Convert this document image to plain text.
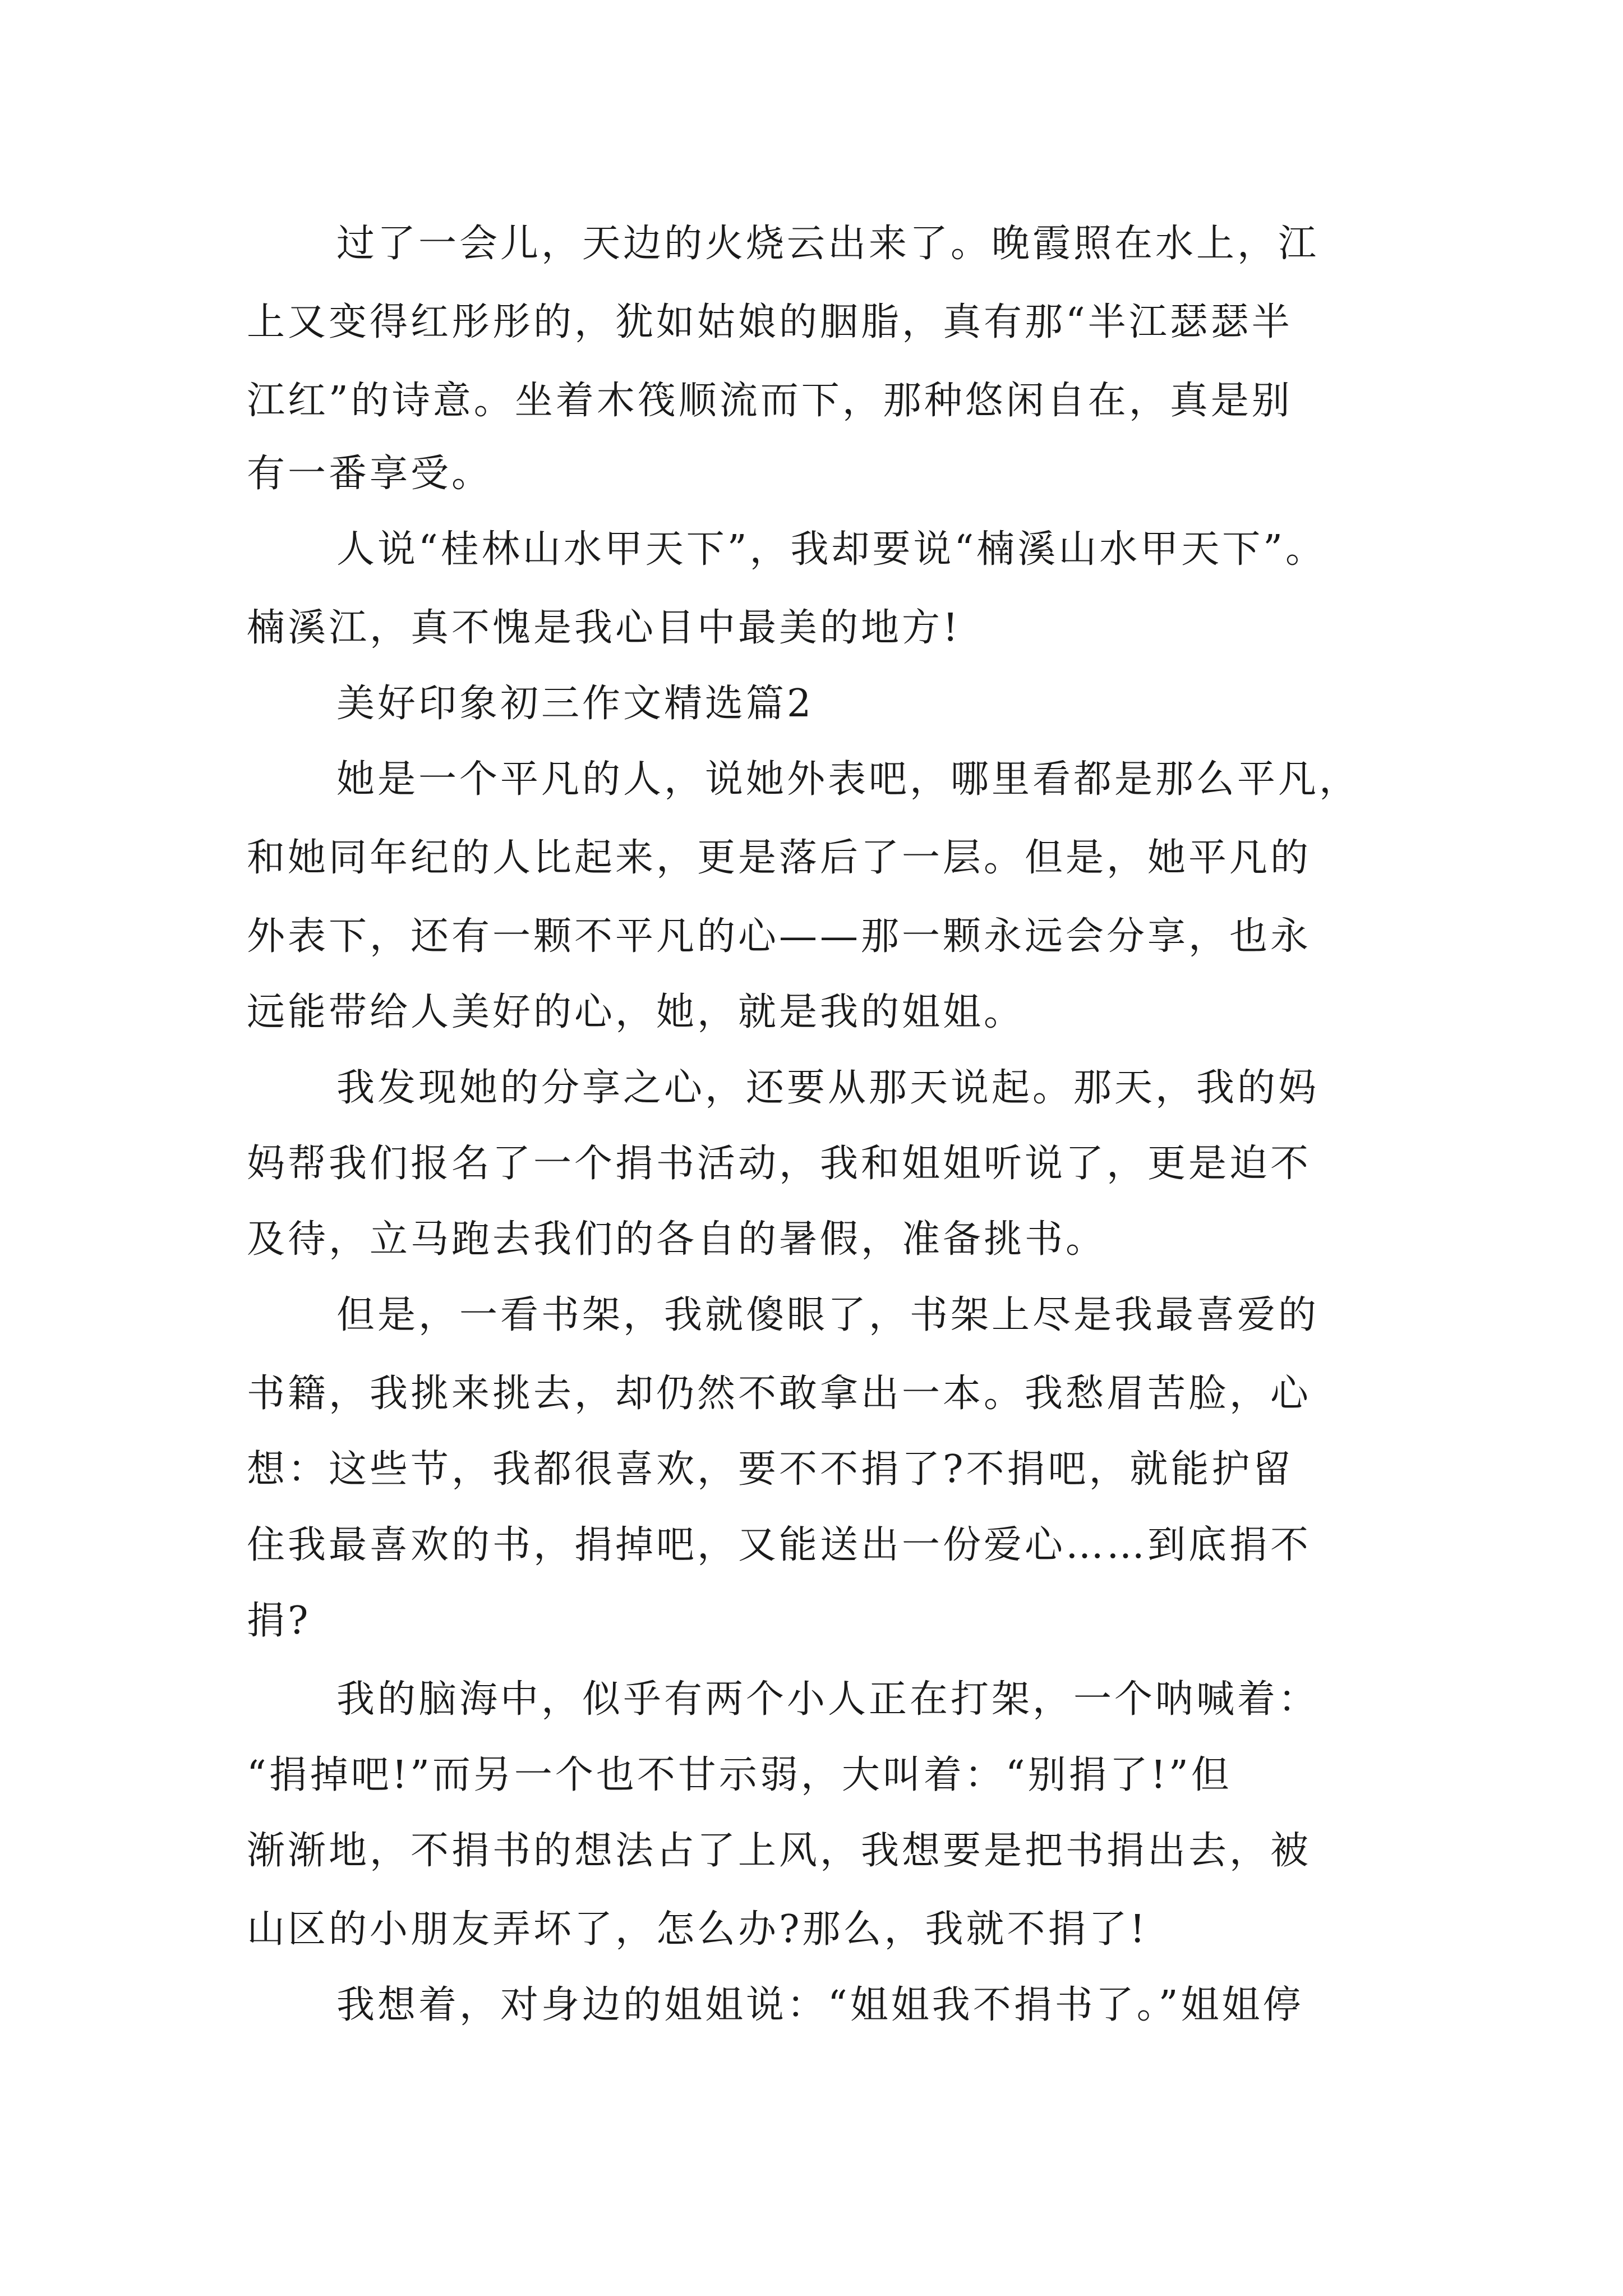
过了一会儿，天边的火烧云出来了。晚霞照在水上，江
上又变得红彤彤的，犹如姑娘的胭脂，真有那“半江瑟瑟半
江红”的诗意。坐着木筏顺流而下，那种悠闲自在，真是别
有一番享受。
人说“桂林山水甲天下”，我却要说“楠溪山水甲天下”。
楠溪江，真不愧是我心目中最美的地方!
美好印象初三作文精选篇2
她是一个平凡的人，说她外表吧，哪里看都是那么平凡，
和她同年纪的人比起来，更是落后了一层。但是，她平凡的
外表下，还有一颗不平凡的心——那一颗永远会分享，也永
远能带给人美好的心，她，就是我的姐姐。
我发现她的分享之心，还要从那天说起。那天，我的妈
妈帮我们报名了一个捐书活动，我和姐姐听说了，更是迫不
及待，立马跑去我们的各自的暑假，准备挑书。
但是，一看书架，我就傻眼了，书架上尽是我最喜爱的
书籍，我挑来挑去，却仍然不敢拿出一本。我愁眉苦脸，心
想：这些节，我都很喜欢，要不不捐了?不捐吧，就能护留
住我最喜欢的书，捐掉吧，又能送出一份爱心……到底捐不
捐?
我的脑海中，似乎有两个小人正在打架，一个呐喊着：
“捐掉吧!”而另一个也不甘示弱，大叫着：“别捐了!”但
渐渐地，不捐书的想法占了上风，我想要是把书捐出去，被
山区的小朋友弄坏了，怎么办?那么，我就不捐了!
我想着，对身边的姐姐说：“姐姐我不捐书了。”姐姐停
